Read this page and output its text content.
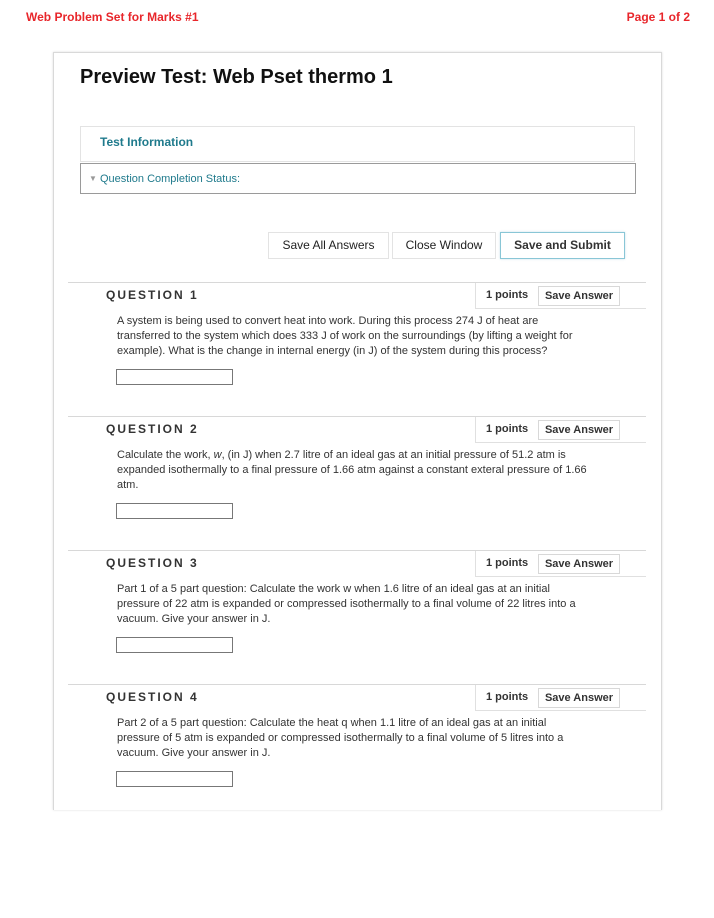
Web Problem Set for Marks #1	Page 1 of 2
Preview Test: Web Pset thermo 1
Test Information
▼ Question Completion Status:
Save All Answers	Close Window	Save and Submit
QUESTION 1	1 points	Save Answer
A system is being used to convert heat into work. During this process 274 J of heat are
transferred to the system which does 333 J of work on the surroundings (by lifting a weight for
example). What is the change in internal energy (in J) of the system during this process?
QUESTION 2	1 points	Save Answer
Calculate the work, w, (in J) when 2.7 litre of an ideal gas at an initial pressure of 51.2 atm is
expanded isothermally to a final pressure of 1.66 atm against a constant exteral pressure of 1.66
atm.
QUESTION 3	1 points	Save Answer
Part 1 of a 5 part question: Calculate the work w when 1.6 litre of an ideal gas at an initial
pressure of 22 atm is expanded or compressed isothermally to a final volume of 22 litres into a
vacuum. Give your answer in J.
QUESTION 4	1 points	Save Answer
Part 2 of a 5 part question: Calculate the heat q when 1.1 litre of an ideal gas at an initial
pressure of 5 atm is expanded or compressed isothermally to a final volume of 5 litres into a
vacuum. Give your answer in J.
